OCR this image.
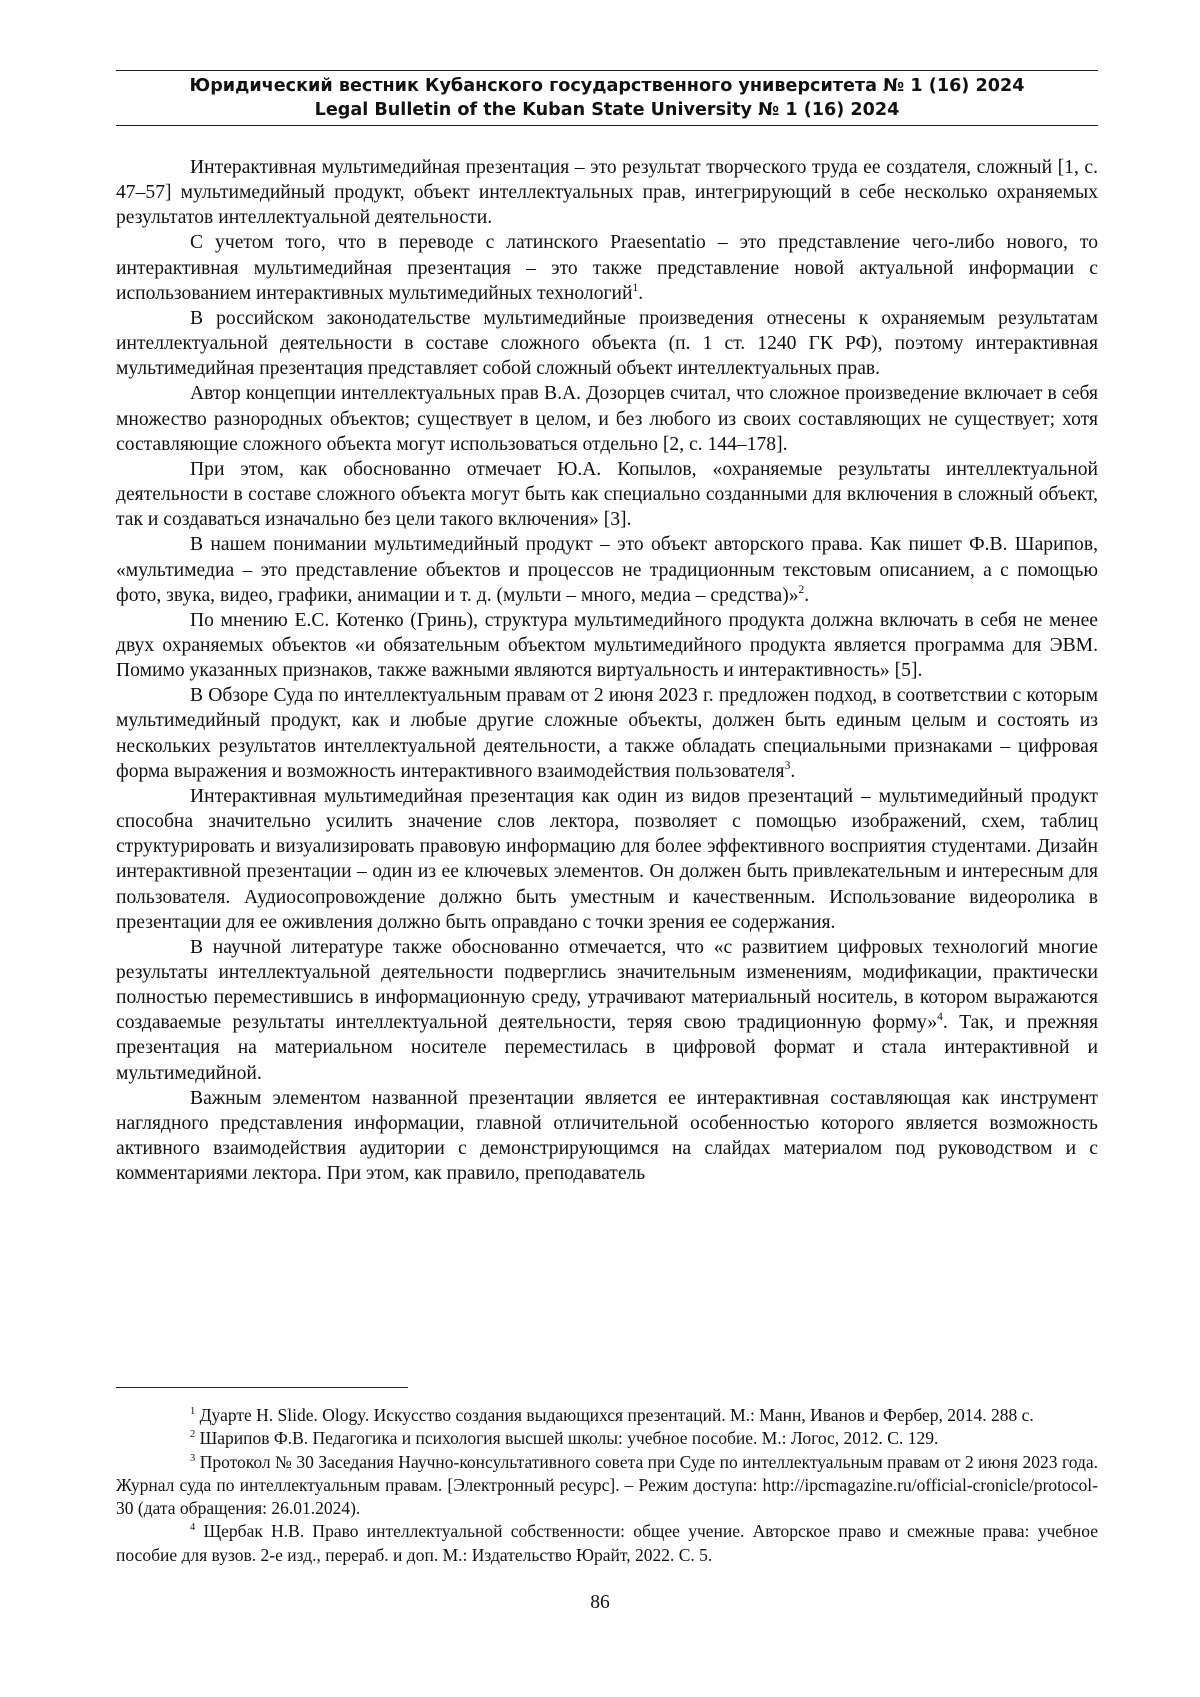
Юридический вестник Кубанского государственного университета № 1 (16) 2024
Legal Bulletin of the Kuban State University № 1 (16) 2024

Интерактивная мультимедийная презентация – это результат творческого труда ее создателя, сложный [1, с. 47–57] мультимедийный продукт, объект интеллектуальных прав, интегрирующий в себе несколько охраняемых результатов интеллектуальной деятельности.

С учетом того, что в переводе с латинского Praesentatio – это представление чего-либо нового, то интерактивная мультимедийная презентация – это также представление новой актуальной информации с использованием интерактивных мультимедийных технологий$^1$.

В российском законодательстве мультимедийные произведения отнесены к охраняемым результатам интеллектуальной деятельности в составе сложного объекта (п. 1 ст. 1240 ГК РФ), поэтому интерактивная мультимедийная презентация представляет собой сложный объект интеллектуальных прав.

Автор концепции интеллектуальных прав В.А. Дозорцев считал, что сложное произведение включает в себя множество разнородных объектов; существует в целом, и без любого из своих составляющих не существует; хотя составляющие сложного объекта могут использоваться отдельно [2, с. 144–178].

При этом, как обоснованно отмечает Ю.А. Копылов, «охраняемые результаты интеллектуальной деятельности в составе сложного объекта могут быть как специально созданными для включения в сложный объект, так и создаваться изначально без цели такого включения» [3].

В нашем понимании мультимедийный продукт – это объект авторского права. Как пишет Ф.В. Шарипов, «мультимедиа – это представление объектов и процессов не традиционным текстовым описанием, а с помощью фото, звука, видео, графики, анимации и т. д. (мульти – много, медиа – средства)»$^2$.

По мнению Е.С. Котенко (Гринь), структура мультимедийного продукта должна включать в себя не менее двух охраняемых объектов «и обязательным объектом мультимедийного продукта является программа для ЭВМ. Помимо указанных признаков, также важными являются виртуальность и интерактивность» [5].

В Обзоре Суда по интеллектуальным правам от 2 июня 2023 г. предложен подход, в соответствии с которым мультимедийный продукт, как и любые другие сложные объекты, должен быть единым целым и состоять из нескольких результатов интеллектуальной деятельности, а также обладать специальными признаками – цифровая форма выражения и возможность интерактивного взаимодействия пользователя$^3$.

Интерактивная мультимедийная презентация как один из видов презентаций – мультимедийный продукт способна значительно усилить значение слов лектора, позволяет с помощью изображений, схем, таблиц структурировать и визуализировать правовую информацию для более эффективного восприятия студентами. Дизайн интерактивной презентации – один из ее ключевых элементов. Он должен быть привлекательным и интересным для пользователя. Аудиосопровождение должно быть уместным и качественным. Использование видеоролика в презентации для ее оживления должно быть оправдано с точки зрения ее содержания.

В научной литературе также обоснованно отмечается, что «с развитием цифровых технологий многие результаты интеллектуальной деятельности подверглись значительным изменениям, модификации, практически полностью переместившись в информационную среду, утрачивают материальный носитель, в котором выражаются создаваемые результаты интеллектуальной деятельности, теряя свою традиционную форму»$^4$. Так, и прежняя презентация на материальном носителе переместилась в цифровой формат и стала интерактивной и мультимедийной.

Важным элементом названной презентации является ее интерактивная составляющая как инструмент наглядного представления информации, главной отличительной особенностью которого является возможность активного взаимодействия аудитории с демонстрирующимся на слайдах материалом под руководством и с комментариями лектора. При этом, как правило, преподаватель

$^1$ Дуарте Н. Slide. Ology. Искусство создания выдающихся презентаций. М.: Манн, Иванов и Фербер, 2014. 288 с.

$^2$ Шарипов Ф.В. Педагогика и психология высшей школы: учебное пособие. М.: Логос, 2012. С. 129.

$^3$ Протокол № 30 Заседания Научно-консультативного совета при Суде по интеллектуальным правам от 2 июня 2023 года. Журнал суда по интеллектуальным правам. [Электронный ресурс]. – Режим доступа: http://ipcmagazine.ru/official-cronicle/protocol-30 (дата обращения: 26.01.2024).

$^4$ Щербак Н.В. Право интеллектуальной собственности: общее учение. Авторское право и смежные права: учебное пособие для вузов. 2-е изд., перераб. и доп. М.: Издательство Юрайт, 2022. С. 5.

86
